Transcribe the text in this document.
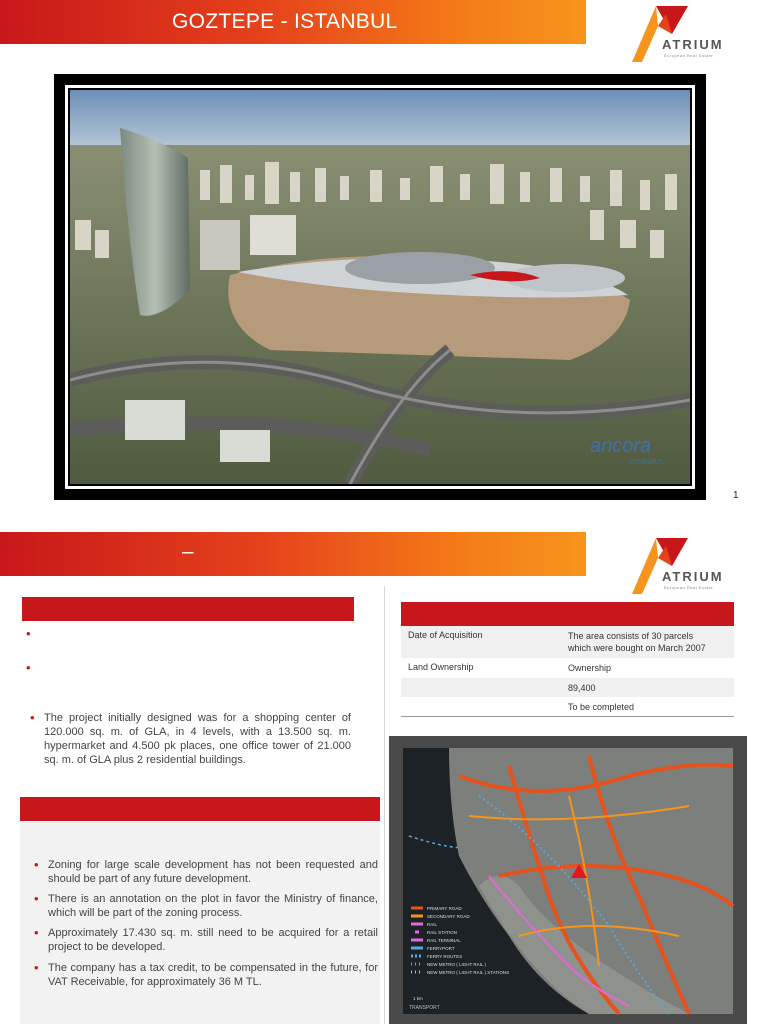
GOZTEPE - ISTANBUL
ATRIUM
European Real Estate
ancora
ISTANBUL
1
–
ATRIUM
European Real Estate
•
•
• The project initially designed was for a shopping center of 120.000 sq. m. of GLA, in 4 levels, with a 13.500 sq. m. hypermarket and 4.500 pk places, one office tower of 21.000 sq. m. of GLA plus 2 residential buildings.
• Zoning for large scale development has not been requested and should be part of any future development.
• There is an annotation on the plot in favor the Ministry of finance, which will be part of the zoning process.
• Approximately 17.430 sq. m. still need to be acquired for a retail project to be developed.
• The company has a tax credit, to be compensated in the future, for VAT Receivable, for approximately 36 M TL.
Date of Acquisition	The area consists of 30 parcels
which were bought on March 2007
Land Ownership	Ownership
89,400
To be completed
PRIMARY ROAD
SECONDARY ROAD
RAIL
RAIL STATION
RAIL TERMINAL
FERRYPORT
FERRY ROUTES
NEW METRO ( LIGHT RAIL )
NEW METRO ( LIGHT RAIL ) STATIONS
1 km
TRANSPORT
